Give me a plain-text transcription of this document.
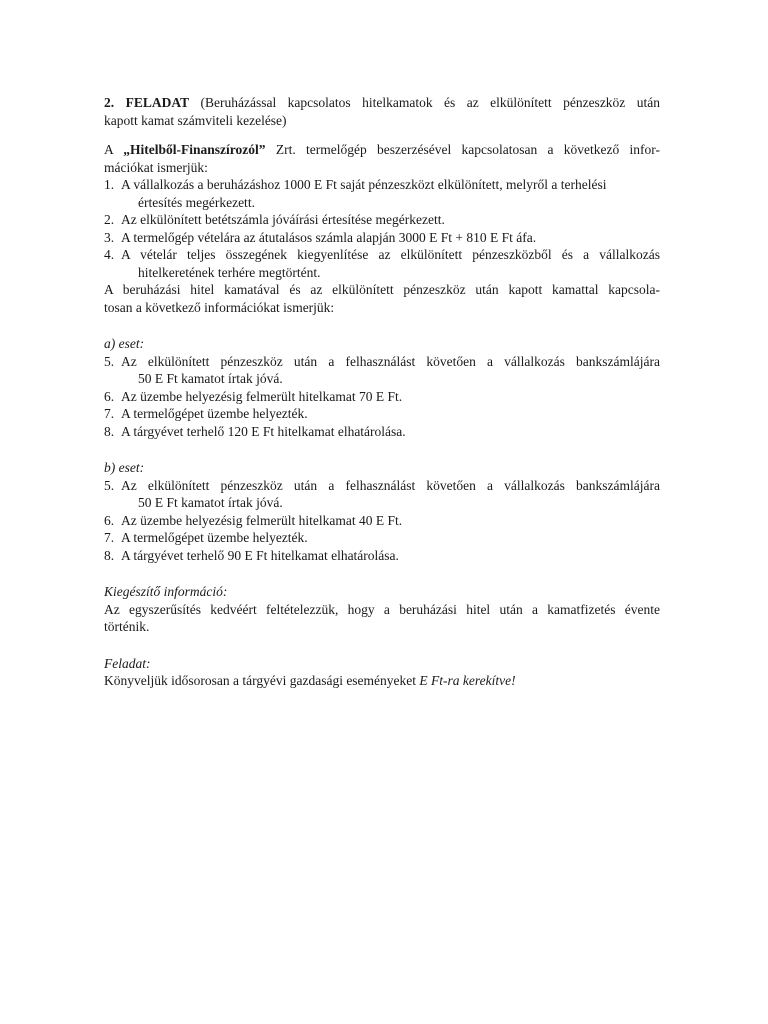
2. FELADAT (Beruházással kapcsolatos hitelkamatok és az elkülönített pénzeszköz után

kapott kamat számviteli kezelése)

A „Hitelből-Finanszírozól” Zrt. termelőgép beszerzésével kapcsolatosan a következő infor-

mációkat ismerjük:

1. A vállalkozás a beruházáshoz 1000 E Ft saját pénzeszközt elkülönített, melyről a terhelési

értesítés megérkezett.

2. Az elkülönített betétszámla jóváírási értesítése megérkezett.

3. A termelőgép vételára az átutalásos számla alapján 3000 E Ft + 810 E Ft áfa.

4. A vételár teljes összegének kiegyenlítése az elkülönített pénzeszközből és a vállalkozás

hitelkeretének terhére megtörtént.

A beruházási hitel kamatával és az elkülönített pénzeszköz után kapott kamattal kapcsola-

tosan a következő információkat ismerjük:

a) eset:

5. Az elkülönített pénzeszköz után a felhasználást követően a vállalkozás bankszámlájára

50 E Ft kamatot írtak jóvá.

6. Az üzembe helyezésig felmerült hitelkamat 70 E Ft.

7. A termelőgépet üzembe helyezték.

8. A tárgyévet terhelő 120 E Ft hitelkamat elhatárolása.

b) eset:

5. Az elkülönített pénzeszköz után a felhasználást követően a vállalkozás bankszámlájára

50 E Ft kamatot írtak jóvá.

6. Az üzembe helyezésig felmerült hitelkamat 40 E Ft.

7. A termelőgépet üzembe helyezték.

8. A tárgyévet terhelő 90 E Ft hitelkamat elhatárolása.

Kiegészítő információ:

Az egyszerűsítés kedvéért feltételezzük, hogy a beruházási hitel után a kamatfizetés évente

történik.

Feladat:

Könyveljük idősorosan a tárgyévi gazdasági eseményeket E Ft-ra kerekítve!
